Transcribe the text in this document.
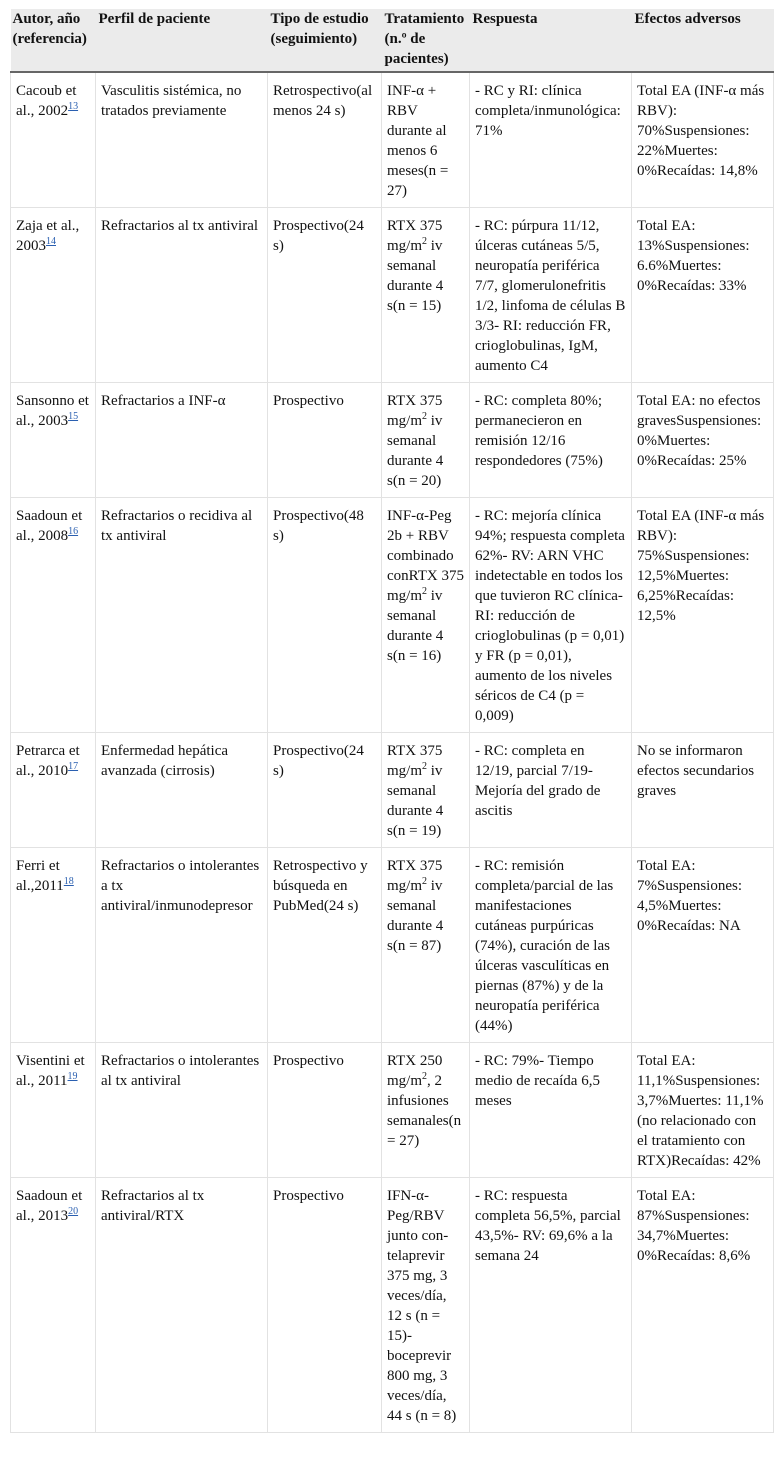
Autor, año (referencia)	Perfil de paciente	Tipo de estudio (seguimiento)	Tratamiento (n.º de pacientes)	Respuesta	Efectos adversos
Cacoub et al., 2002$^{13}$	Vasculitis sistémica, no tratados previamente	Retrospectivo(al menos 24 s)	INF-α + RBV durante al menos 6 meses(n = 27)	- RC y RI: clínica completa/inmunológica: 71%	Total EA (INF-α más RBV): 70%Suspensiones: 22%Muertes: 0%Recaídas: 14,8%
Zaja et al., 2003$^{14}$	Refractarios al tx antiviral	Prospectivo(24 s)	RTX 375 $mg/m^2$ iv semanal durante 4 s(n = 15)	- RC: púrpura 11/12, úlceras cutáneas 5/5, neuropatía periférica 7/7, glomerulonefritis 1/2, linfoma de células B 3/3- RI: reducción FR, crioglobulinas, IgM, aumento C4	Total EA: 13%Suspensiones: 6.6%Muertes: 0%Recaídas: 33%
Sansonno et al., 2003$^{15}$	Refractarios a INF-α	Prospectivo	RTX 375 $mg/m^2$ iv semanal durante 4 s(n = 20)	- RC: completa 80%; permanecieron en remisión 12/16 respondedores (75%)	Total EA: no efectos gravesSuspensiones: 0%Muertes: 0%Recaídas: 25%
Saadoun et al., 2008$^{16}$	Refractarios o recidiva al tx antiviral	Prospectivo(48 s)	INF-α-Peg 2b + RBV combinado conRTX 375 $mg/m^2$ iv semanal durante 4 s(n = 16)	- RC: mejoría clínica 94%; respuesta completa 62%- RV: ARN VHC indetectable en todos los que tuvieron RC clínica- RI: reducción de crioglobulinas (p = 0,01) y FR (p = 0,01), aumento de los niveles séricos de C4 (p = 0,009)	Total EA (INF-α más RBV): 75%Suspensiones: 12,5%Muertes: 6,25%Recaídas: 12,5%
Petrarca et al., 2010$^{17}$	Enfermedad hepática avanzada (cirrosis)	Prospectivo(24 s)	RTX 375 $mg/m^2$ iv semanal durante 4 s(n = 19)	- RC: completa en 12/19, parcial 7/19- Mejoría del grado de ascitis	No se informaron efectos secundarios graves
Ferri et al.,2011$^{18}$	Refractarios o intolerantes a tx antiviral/inmunodepresor	Retrospectivo y búsqueda en PubMed(24 s)	RTX 375 $mg/m^2$ iv semanal durante 4 s(n = 87)	- RC: remisión completa/parcial de las manifestaciones cutáneas purpúricas (74%), curación de las úlceras vasculíticas en piernas (87%) y de la neuropatía periférica (44%)	Total EA: 7%Suspensiones: 4,5%Muertes: 0%Recaídas: NA
Visentini et al., 2011$^{19}$	Refractarios o intolerantes al tx antiviral	Prospectivo	RTX 250 $mg/m^2$, 2 infusiones semanales(n = 27)	- RC: 79%- Tiempo medio de recaída 6,5 meses	Total EA: 11,1%Suspensiones: 3,7%Muertes: 11,1% (no relacionado con el tratamiento con RTX)Recaídas: 42%
Saadoun et al., 2013$^{20}$	Refractarios al tx antiviral/RTX	Prospectivo	IFN-α-Peg/RBV junto con-telaprevir 375 mg, 3 veces/día, 12 s (n = 15)-boceprevir 800 mg, 3 veces/día, 44 s (n = 8)	- RC: respuesta completa 56,5%, parcial 43,5%- RV: 69,6% a la semana 24	Total EA: 87%Suspensiones: 34,7%Muertes: 0%Recaídas: 8,6%
